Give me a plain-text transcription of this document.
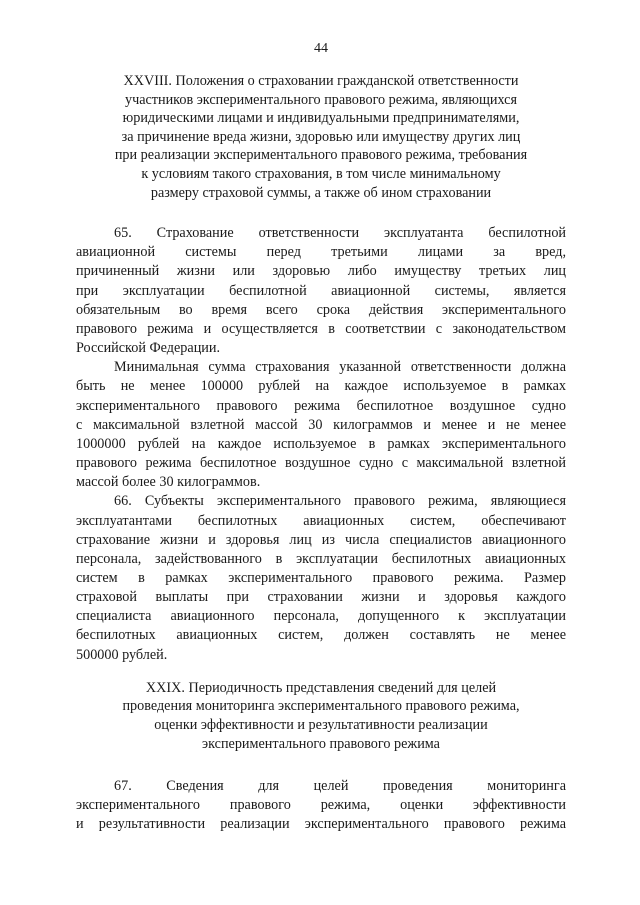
44
XXVIII. Положения о страховании гражданской ответственности
участников экспериментального правового режима, являющихся
юридическими лицами и индивидуальными предпринимателями,
за причинение вреда жизни, здоровью или имуществу других лиц
при реализации экспериментального правового режима, требования
к условиям такого страхования, в том числе минимальному
размеру страховой суммы, а также об ином страховании
65. Страхование ответственности эксплуатанта беспилотной
авиационной системы перед третьими лицами за вред,
причиненный жизни или здоровью либо имуществу третьих лиц
при эксплуатации беспилотной авиационной системы, является
обязательным во время всего срока действия экспериментального
правового режима и осуществляется в соответствии с законодательством
Российской Федерации.
Минимальная сумма страхования указанной ответственности должна
быть не менее 100000 рублей на каждое используемое в рамках
экспериментального правового режима беспилотное воздушное судно
с максимальной взлетной массой 30 килограммов и менее и не менее
1000000 рублей на каждое используемое в рамках экспериментального
правового режима беспилотное воздушное судно с максимальной взлетной
массой более 30 килограммов.
66. Субъекты экспериментального правового режима, являющиеся
эксплуатантами беспилотных авиационных систем, обеспечивают
страхование жизни и здоровья лиц из числа специалистов авиационного
персонала, задействованного в эксплуатации беспилотных авиационных
систем в рамках экспериментального правового режима. Размер
страховой выплаты при страховании жизни и здоровья каждого
специалиста авиационного персонала, допущенного к эксплуатации
беспилотных авиационных систем, должен составлять не менее
500000 рублей.
XXIX. Периодичность представления сведений для целей
проведения мониторинга экспериментального правового режима,
оценки эффективности и результативности реализации
экспериментального правового режима
67. Сведения для целей проведения мониторинга
экспериментального правового режима, оценки эффективности
и результативности реализации экспериментального правового режима
